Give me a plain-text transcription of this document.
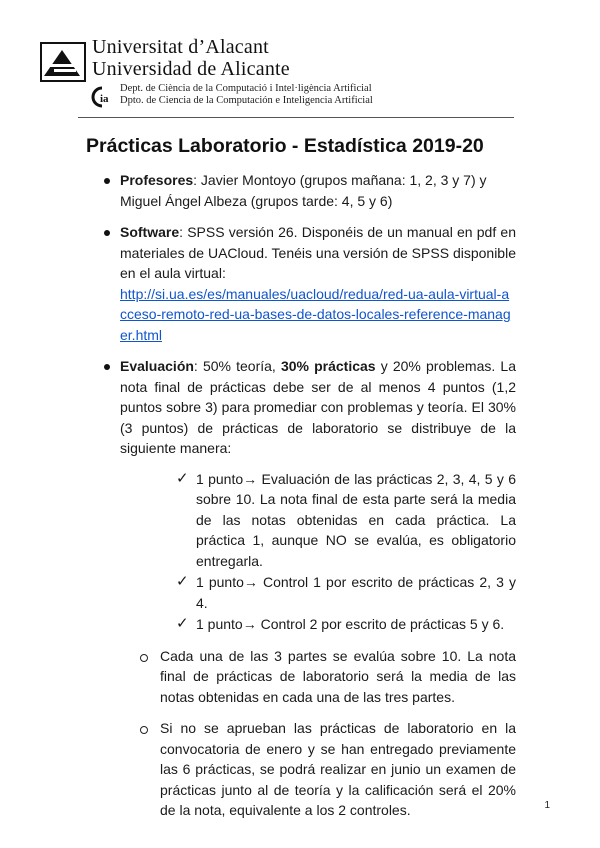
Universitat d’Alacant
Universidad de Alicante
ia
Dept. de Ciència de la Computació i Intel·ligència Artificial
Dpto. de Ciencia de la Computación e Inteligencia Artificial
Prácticas Laboratorio - Estadística 2019-20
Profesores: Javier Montoyo (grupos mañana: 1, 2, 3 y 7) y Miguel Ángel Albeza (grupos tarde: 4, 5 y 6)
Software: SPSS versión 26. Disponéis de un manual en pdf en materiales de UACloud. Tenéis una versión de SPSS disponible en el aula virtual:
http://si.ua.es/es/manuales/uacloud/redua/red-ua-aula-virtual-acceso-remoto-red-ua-bases-de-datos-locales-reference-manager.html
Evaluación: 50% teoría, 30% prácticas y 20% problemas. La nota final de prácticas debe ser de al menos 4 puntos (1,2 puntos sobre 3) para promediar con problemas y teoría. El 30% (3 puntos) de prácticas de laboratorio se distribuye de la siguiente manera:
✓ 1 punto→ Evaluación de las prácticas 2, 3, 4, 5 y 6 sobre 10. La nota final de esta parte será la media de las notas obtenidas en cada práctica. La práctica 1, aunque NO se evalúa, es obligatorio entregarla.
✓ 1 punto→ Control 1 por escrito de prácticas 2, 3 y 4.
✓ 1 punto→ Control 2 por escrito de prácticas 5 y 6.
Cada una de las 3 partes se evalúa sobre 10. La nota final de prácticas de laboratorio será la media de las notas obtenidas en cada una de las tres partes.
Si no se aprueban las prácticas de laboratorio en la convocatoria de enero y se han entregado previamente las 6 prácticas, se podrá realizar en junio un examen de prácticas junto al de teoría y la calificación será el 20% de la nota, equivalente a los 2 controles.	1
